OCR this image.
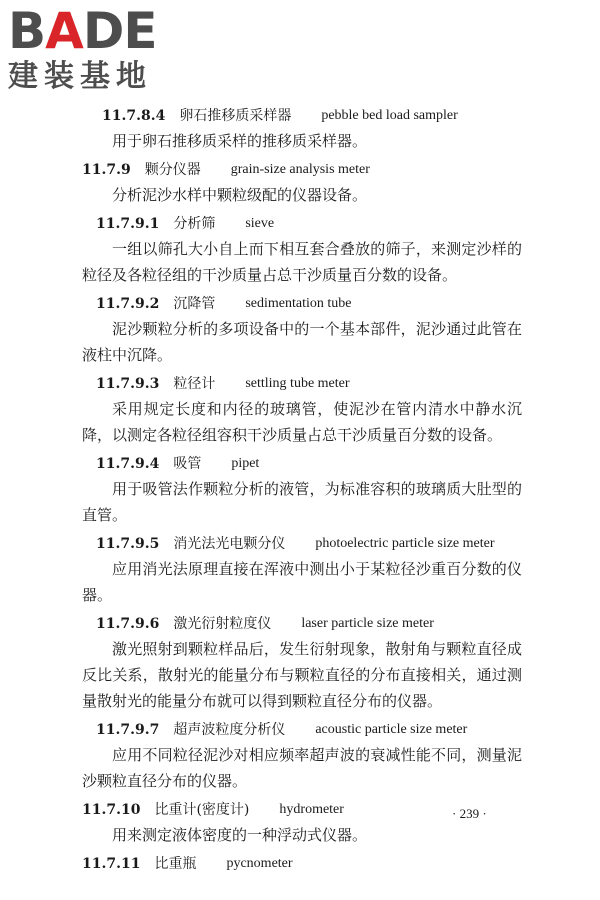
BADE
建装基地
11.7.8.4 卵石推移质采样器 pebble bed load sampler

用于卵石推移质采样的推移质采样器。

11.7.9 颗分仪器 grain-size analysis meter

分析泥沙水样中颗粒级配的仪器设备。

11.7.9.1 分析筛 sieve

一组以筛孔大小自上而下相互套合叠放的筛子，来测定沙样的粒径及各粒径组的干沙质量占总干沙质量百分数的设备。

11.7.9.2 沉降管 sedimentation tube

泥沙颗粒分析的多项设备中的一个基本部件，泥沙通过此管在液柱中沉降。

11.7.9.3 粒径计 settling tube meter

采用规定长度和内径的玻璃管，使泥沙在管内清水中静水沉降，以测定各粒径组容积干沙质量占总干沙质量百分数的设备。

11.7.9.4 吸管 pipet

用于吸管法作颗粒分析的液管，为标准容积的玻璃质大肚型的直管。

11.7.9.5 消光法光电颗分仪 photoelectric particle size meter

应用消光法原理直接在浑液中测出小于某粒径沙重百分数的仪器。

11.7.9.6 激光衍射粒度仪 laser particle size meter

激光照射到颗粒样品后，发生衍射现象，散射角与颗粒直径成反比关系，散射光的能量分布与颗粒直径的分布直接相关，通过测量散射光的能量分布就可以得到颗粒直径分布的仪器。

11.7.9.7 超声波粒度分析仪 acoustic particle size meter

应用不同粒径泥沙对相应频率超声波的衰减性能不同，测量泥沙颗粒直径分布的仪器。

11.7.10 比重计(密度计) hydrometer

用来测定液体密度的一种浮动式仪器。

11.7.11 比重瓶 pycnometer
· 239 ·
